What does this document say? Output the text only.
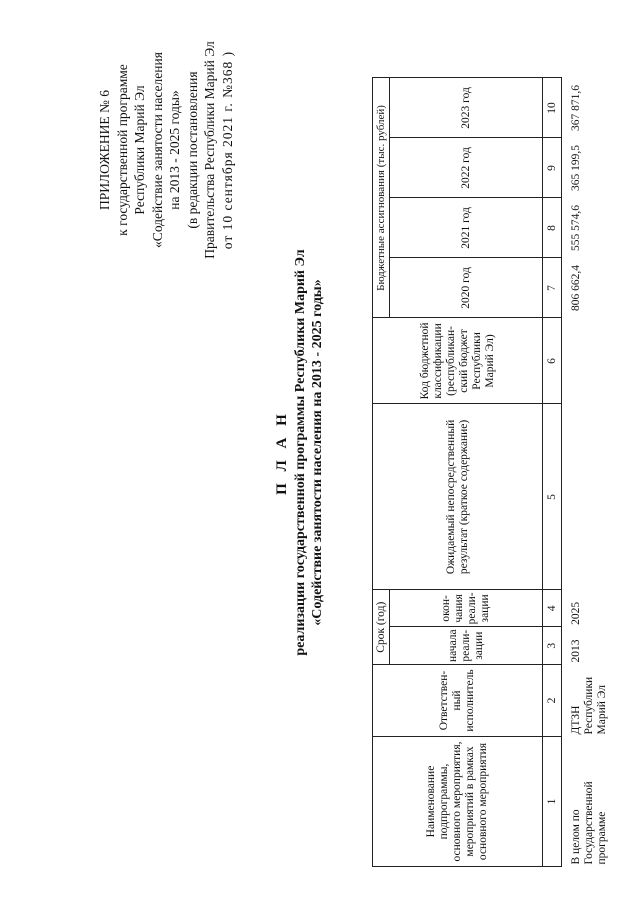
ПРИЛОЖЕНИЕ № 6 к государственной программе Республики Марий Эл «Содействие занятости населения на 2013 - 2025 годы» (в редакции постановления Правительства Республики Марий Эл от 10 сентября 2021 г. №368 )
П Л А Н реализации государственной программы Республики Марий Эл «Содействие занятости населения на 2013 - 2025 годы»
Наименование подпрограммы, основного мероприятия, мероприятий в рамках основного мероприятия	Ответствен-ный исполнитель	Срок (год)		Ожидаемый непосредственный результат (краткое содержание)	Код бюджетной классификации (республикан-ский бюджет Республики Марий Эл)	Бюджетные ассигнования (тыс. рублей)			
		начала реали-зации	окон-чания реали-зации			2020 год	2021 год	2022 год	2023 год
1	2	3	4	5	6	7	8	9	10
В целом по Государственной программе	ДТЗН Республики Марий Эл	2013	2025			806 662,4	555 574,6	365 199,5	367 871,6
